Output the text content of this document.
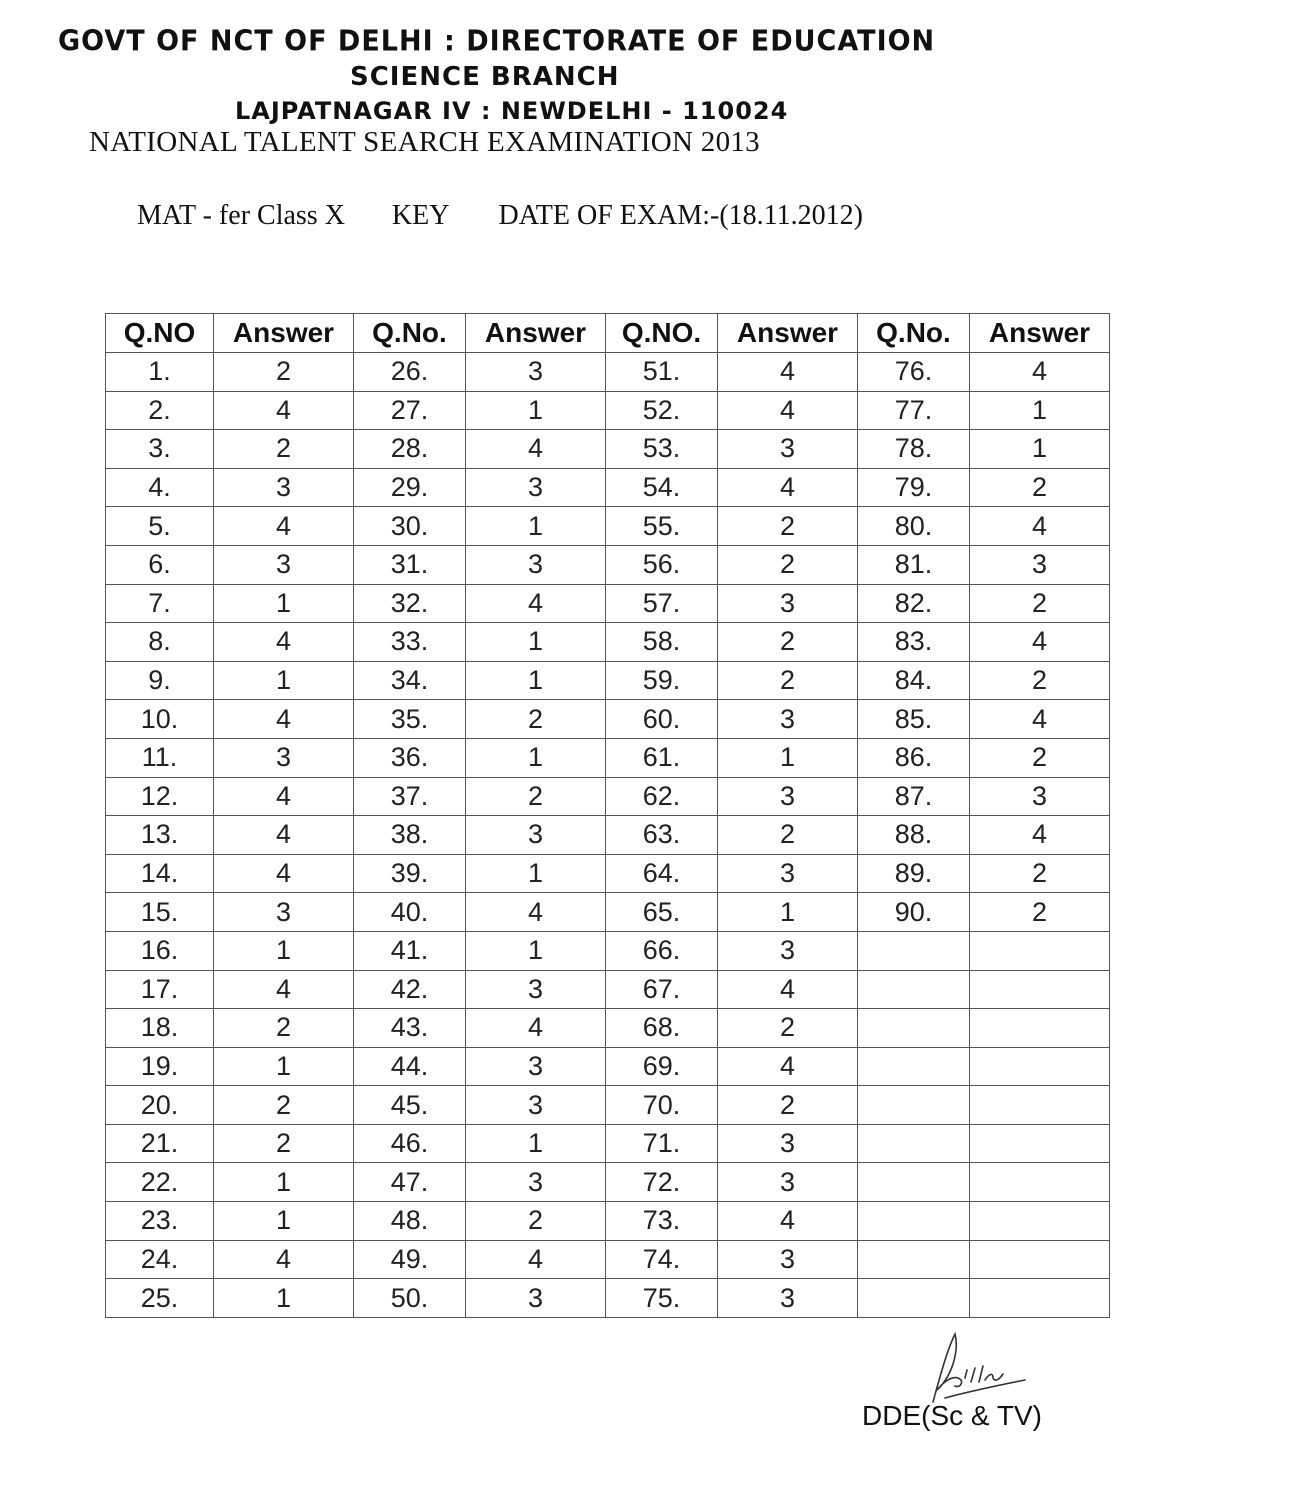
GOVT OF NCT OF DELHI : DIRECTORATE OF EDUCATION
SCIENCE BRANCH
LAJPATNAGAR IV : NEWDELHI - 110024
NATIONAL TALENT SEARCH EXAMINATION 2013
MAT - fer Class X KEY DATE OF EXAM:-(18.11.2012)
Q.NO	Answer	Q.No.	Answer	Q.NO.	Answer	Q.No.	Answer
1.	2	26.	3	51.	4	76.	4
2.	4	27.	1	52.	4	77.	1
3.	2	28.	4	53.	3	78.	1
4.	3	29.	3	54.	4	79.	2
5.	4	30.	1	55.	2	80.	4
6.	3	31.	3	56.	2	81.	3
7.	1	32.	4	57.	3	82.	2
8.	4	33.	1	58.	2	83.	4
9.	1	34.	1	59.	2	84.	2
10.	4	35.	2	60.	3	85.	4
11.	3	36.	1	61.	1	86.	2
12.	4	37.	2	62.	3	87.	3
13.	4	38.	3	63.	2	88.	4
14.	4	39.	1	64.	3	89.	2
15.	3	40.	4	65.	1	90.	2
16.	1	41.	1	66.	3		
17.	4	42.	3	67.	4		
18.	2	43.	4	68.	2		
19.	1	44.	3	69.	4		
20.	2	45.	3	70.	2		
21.	2	46.	1	71.	3		
22.	1	47.	3	72.	3		
23.	1	48.	2	73.	4		
24.	4	49.	4	74.	3		
25.	1	50.	3	75.	3		
DDE(Sc & TV)
